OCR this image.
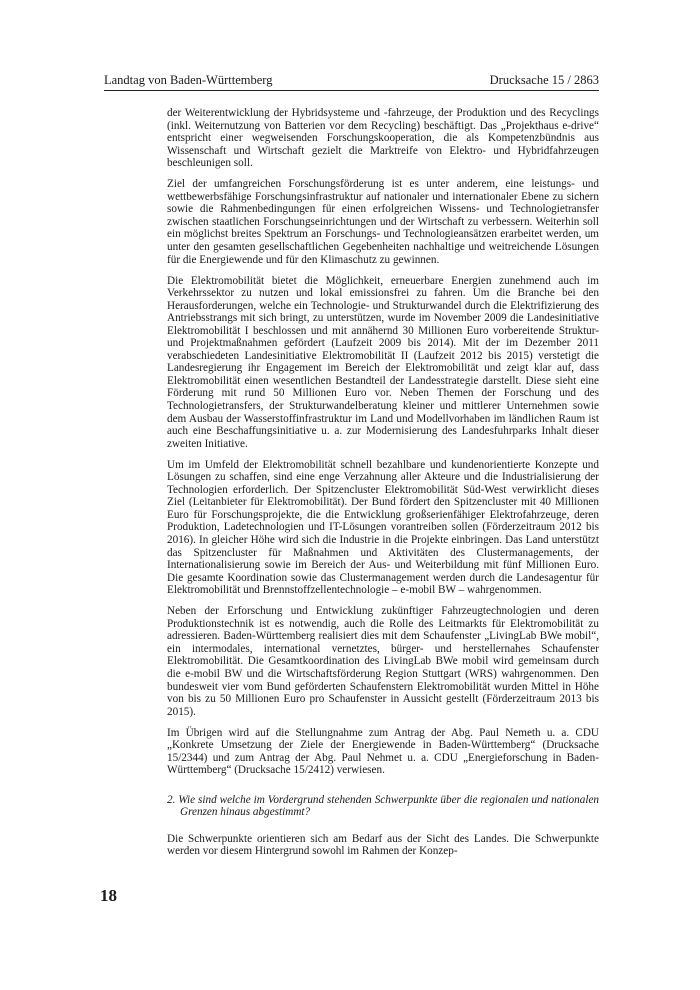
Landtag von Baden-Württemberg	Drucksache 15 / 2863

der Weiterentwicklung der Hybridsysteme und -fahrzeuge, der Produktion und des Recyclings (inkl. Weiternutzung von Batterien vor dem Recycling) beschäftigt. Das „Projekthaus e-drive“ entspricht einer wegweisenden Forschungskooperation, die als Kompetenzbündnis aus Wissenschaft und Wirtschaft gezielt die Marktreife von Elektro- und Hybridfahrzeugen beschleunigen soll.

Ziel der umfangreichen Forschungsförderung ist es unter anderem, eine leistungs- und wettbewerbsfähige Forschungsinfrastruktur auf nationaler und internationaler Ebene zu sichern sowie die Rahmenbedingungen für einen erfolgreichen Wissens- und Technologietransfer zwischen staatlichen Forschungseinrichtungen und der Wirtschaft zu verbessern. Weiterhin soll ein möglichst breites Spektrum an Forschungs- und Technologieansätzen erarbeitet werden, um unter den gesamten gesellschaftlichen Gegebenheiten nachhaltige und weitreichende Lösungen für die Energiewende und für den Klimaschutz zu gewinnen.

Die Elektromobilität bietet die Möglichkeit, erneuerbare Energien zunehmend auch im Verkehrssektor zu nutzen und lokal emissionsfrei zu fahren. Um die Branche bei den Herausforderungen, welche ein Technologie- und Strukturwandel durch die Elektrifizierung des Antriebsstrangs mit sich bringt, zu unterstützen, wurde im November 2009 die Landesinitiative Elektromobilität I beschlossen und mit annähernd 30 Millionen Euro vorbereitende Struktur- und Projektmaßnahmen gefördert (Laufzeit 2009 bis 2014). Mit der im Dezember 2011 verabschiedeten Landesinitiative Elektromobilität II (Laufzeit 2012 bis 2015) verstetigt die Landesregierung ihr Engagement im Bereich der Elektromobilität und zeigt klar auf, dass Elektromobilität einen wesentlichen Bestandteil der Landesstrategie darstellt. Diese sieht eine Förderung mit rund 50 Millionen Euro vor. Neben Themen der Forschung und des Technologietransfers, der Strukturwandelberatung kleiner und mittlerer Unternehmen sowie dem Ausbau der Wasserstoffinfrastruktur im Land und Modellvorhaben im ländlichen Raum ist auch eine Beschaffungsinitiative u. a. zur Modernisierung des Landesfuhrparks Inhalt dieser zweiten Initiative.

Um im Umfeld der Elektromobilität schnell bezahlbare und kundenorientierte Konzepte und Lösungen zu schaffen, sind eine enge Verzahnung aller Akteure und die Industrialisierung der Technologien erforderlich. Der Spitzencluster Elektromobilität Süd-West verwirklicht dieses Ziel (Leitanbieter für Elektromobilität). Der Bund fördert den Spitzencluster mit 40 Millionen Euro für Forschungsprojekte, die die Entwicklung großserienfähiger Elektrofahrzeuge, deren Produktion, Ladetechnologien und IT-Lösungen vorantreiben sollen (Förderzeitraum 2012 bis 2016). In gleicher Höhe wird sich die Industrie in die Projekte einbringen. Das Land unterstützt das Spitzencluster für Maßnahmen und Aktivitäten des Clustermanagements, der Internationalisierung sowie im Bereich der Aus- und Weiterbildung mit fünf Millionen Euro. Die gesamte Koordination sowie das Clustermanagement werden durch die Landesagentur für Elektromobilität und Brennstoffzellentechnologie – e-mobil BW – wahrgenommen.

Neben der Erforschung und Entwicklung zukünftiger Fahrzeugtechnologien und deren Produktionstechnik ist es notwendig, auch die Rolle des Leitmarkts für Elektromobilität zu adressieren. Baden-Württemberg realisiert dies mit dem Schaufenster „LivingLab BWe mobil“, ein intermodales, international vernetztes, bürger- und herstellernahes Schaufenster Elektromobilität. Die Gesamtkoordination des LivingLab BWe mobil wird gemeinsam durch die e-mobil BW und die Wirtschaftsförderung Region Stuttgart (WRS) wahrgenommen. Den bundesweit vier vom Bund geförderten Schaufenstern Elektromobilität wurden Mittel in Höhe von bis zu 50 Millionen Euro pro Schaufenster in Aussicht gestellt (Förderzeitraum 2013 bis 2015).

Im Übrigen wird auf die Stellungnahme zum Antrag der Abg. Paul Nemeth u. a. CDU „Konkrete Umsetzung der Ziele der Energiewende in Baden-Württemberg“ (Drucksache 15/2344) und zum Antrag der Abg. Paul Nehmet u. a. CDU „Energieforschung in Baden-Württemberg“ (Drucksache 15/2412) verwiesen.

2. Wie sind welche im Vordergrund stehenden Schwerpunkte über die regionalen und nationalen Grenzen hinaus abgestimmt?

Die Schwerpunkte orientieren sich am Bedarf aus der Sicht des Landes. Die Schwerpunkte werden vor diesem Hintergrund sowohl im Rahmen der Konzep-

18
